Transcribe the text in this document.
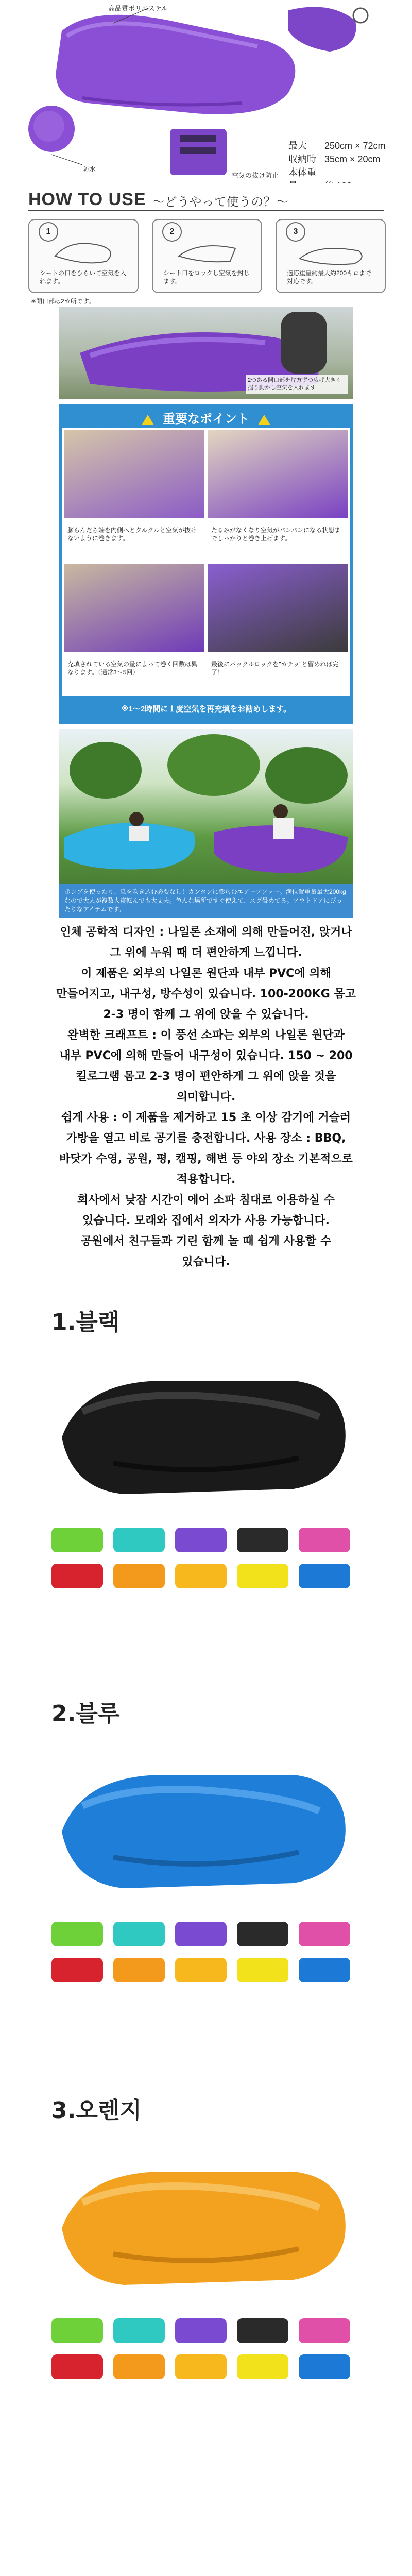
高品質ポリエステル
防水
空気の抜け防止
最大 250cm × 72cm
収納時 35cm × 20cm
本体重
HOW TO USE 〜どうやって使うの？〜
1
シートの口をひらいて空気を入れます。
2
シート口をロックし空気を封じます。
3
適応重量約最大約200キロまで対応です。
※開口部は2カ所です。
2つある開口部を片方ずつ広げ大きく揺り動かし空気を入れます
重要なポイント
膨らんだら端を内側へとクルクルと空気が抜けないように巻きます。
たるみがなくなり空気がパンパンになる状態までしっかりと巻き上げます。
充填されている空気の量によって巻く回数は異なります。（通常3〜5回）
最後にバックルロックを"カチッ"と留めれば完了！
※1〜2時間に１度空気を再充填をお勧めします。
ポンプを使ったり、息を吹き込む必要なし！カンタンに膨らむエアーソファー。満位置重量最大200kgなので大人が複数人寝転んでも大丈夫。色んな場所ですぐ使えて、スグ畳めてる。アウトドアにぴったりなアイテムです。

인체 공학적 디자인 : 나일론 소재에 의해 만들어진, 앉거나

그 위에 누워 때 더 편안하게 느낍니다.

이 제품은 외부의 나일론 원단과 내부 PVC에 의해

만들어지고, 내구성, 방수성이 있습니다. 100-200KG 몸고

2-3 명이 함께 그 위에 앉을 수 있습니다.

완벽한 크래프트 : 이 풍선 소파는 외부의 나일론 원단과

내부 PVC에 의해 만들어 내구성이 있습니다. 150 ~ 200

킬로그램 몸고 2-3 명이 편안하게 그 위에 앉을 것을

의미합니다.

쉽게 사용 : 이 제품을 제거하고 15 초 이상 감기에 거슬러

가방을 열고 비로 공기를 충전합니다. 사용 장소 : BBQ,

바닷가 수영, 공원, 평, 캠핑, 해변 등 야외 장소 기본적으로

적용합니다.

회사에서 낮잠 시간이 에어 소파 침대로 이용하실 수

있습니다. 모래와 집에서 의자가 사용 가능합니다.

공원에서 친구들과 기린 함께 놀 때 쉽게 사용할 수

있습니다.

1.블랙
2.블루
3.오렌지
